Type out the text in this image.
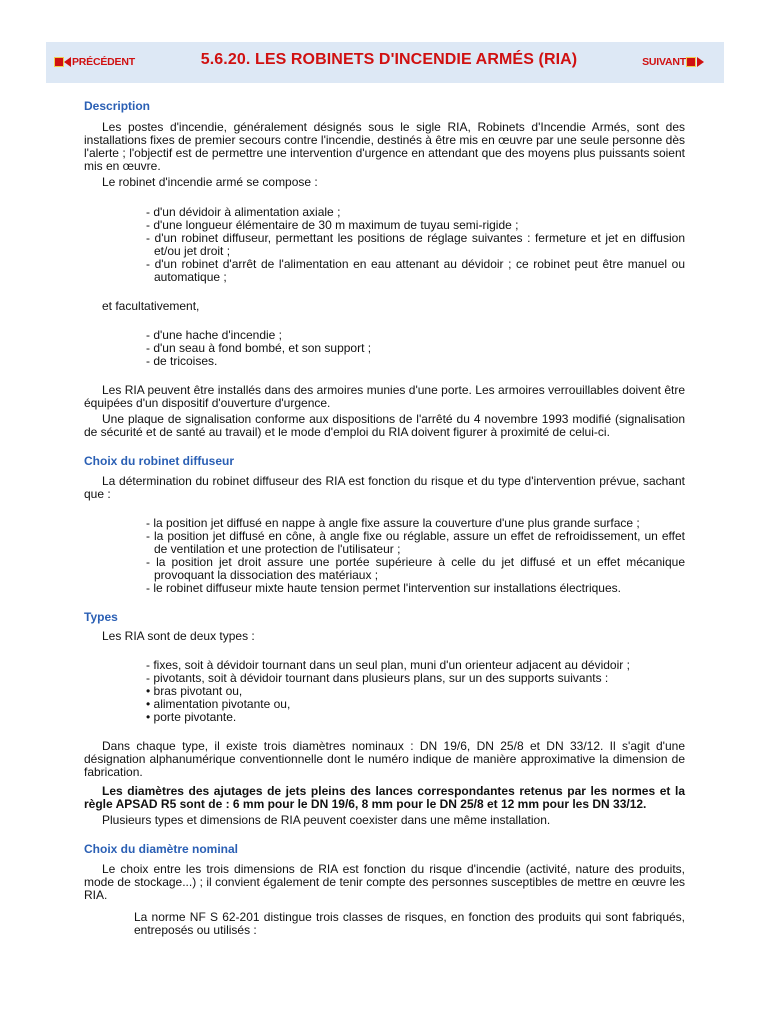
PRÉCÉDENT	5.6.20. LES ROBINETS D'INCENDIE ARMÉS (RIA)	SUIVANT
Description

Les postes d'incendie, généralement désignés sous le sigle RIA, Robinets d'Incendie Armés, sont des installations fixes de premier secours contre l'incendie, destinés à être mis en œuvre par une seule personne dès l'alerte ; l'objectif est de permettre une intervention d'urgence en attendant que des moyens plus puissants soient mis en œuvre.

Le robinet d'incendie armé se compose :

- d'un dévidoir à alimentation axiale ;
- d'une longueur élémentaire de 30 m maximum de tuyau semi-rigide ;
- d'un robinet diffuseur, permettant les positions de réglage suivantes : fermeture et jet en diffusion et/ou jet droit ;
- d'un robinet d'arrêt de l'alimentation en eau attenant au dévidoir ; ce robinet peut être manuel ou automatique ;

et facultativement,

- d'une hache d'incendie ;
- d'un seau à fond bombé, et son support ;
- de tricoises.

Les RIA peuvent être installés dans des armoires munies d'une porte. Les armoires verrouillables doivent être équipées d'un dispositif d'ouverture d'urgence.

Une plaque de signalisation conforme aux dispositions de l'arrêté du 4 novembre 1993 modifié (signalisation de sécurité et de santé au travail) et le mode d'emploi du RIA doivent figurer à proximité de celui-ci.

Choix du robinet diffuseur

La détermination du robinet diffuseur des RIA est fonction du risque et du type d'intervention prévue, sachant que :

- la position jet diffusé en nappe à angle fixe assure la couverture d'une plus grande surface ;
- la position jet diffusé en cône, à angle fixe ou réglable, assure un effet de refroidissement, un effet de ventilation et une protection de l'utilisateur ;
- la position jet droit assure une portée supérieure à celle du jet diffusé et un effet mécanique provoquant la dissociation des matériaux ;
- le robinet diffuseur mixte haute tension permet l'intervention sur installations électriques.
Types

Les RIA sont de deux types :

- fixes, soit à dévidoir tournant dans un seul plan, muni d'un orienteur adjacent au dévidoir ;
- pivotants, soit à dévidoir tournant dans plusieurs plans, sur un des supports suivants :
• bras pivotant ou,
• alimentation pivotante ou,
• porte pivotante.

Dans chaque type, il existe trois diamètres nominaux : DN 19/6, DN 25/8 et DN 33/12. Il s'agit d'une désignation alphanumérique conventionnelle dont le numéro indique de manière approximative la dimension de fabrication.

Les diamètres des ajutages de jets pleins des lances correspondantes retenus par les normes et la règle APSAD R5 sont de : 6 mm pour le DN 19/6, 8 mm pour le DN 25/8 et 12 mm pour les DN 33/12.

Plusieurs types et dimensions de RIA peuvent coexister dans une même installation.

Choix du diamètre nominal

Le choix entre les trois dimensions de RIA est fonction du risque d'incendie (activité, nature des produits, mode de stockage...) ; il convient également de tenir compte des personnes susceptibles de mettre en œuvre les RIA.

La norme NF S 62-201 distingue trois classes de risques, en fonction des produits qui sont fabriqués, entreposés ou utilisés :
